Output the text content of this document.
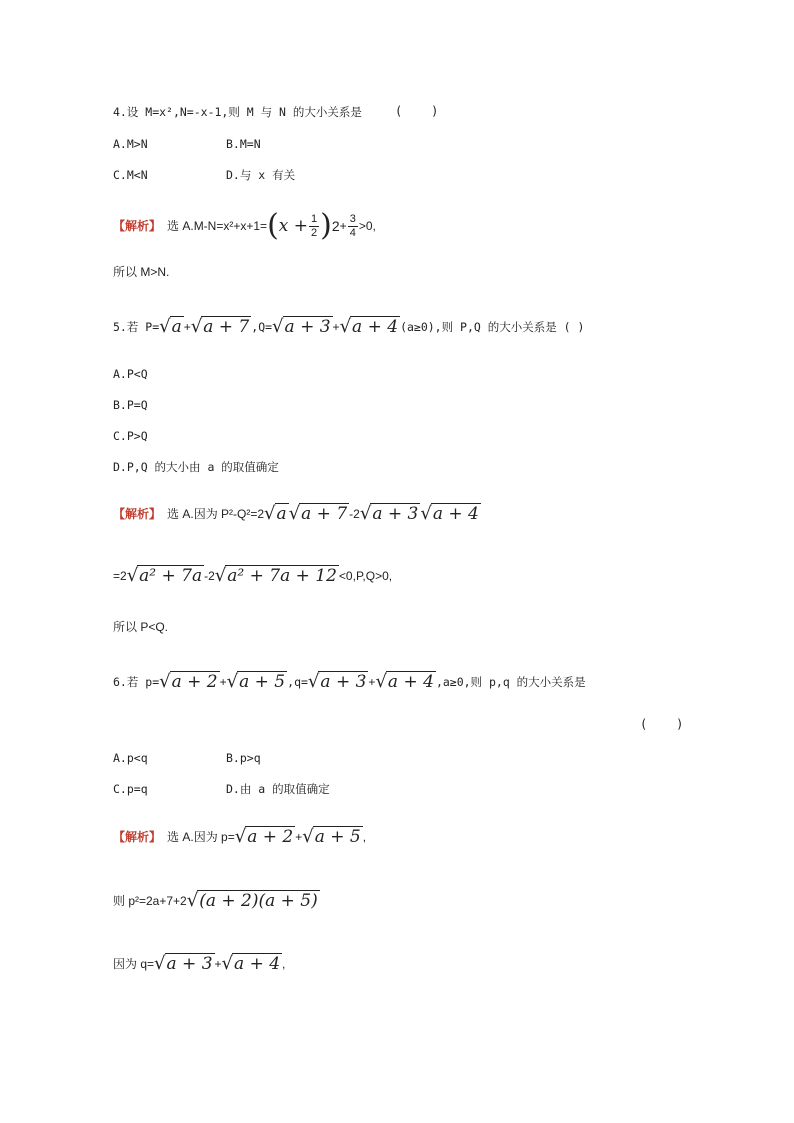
4.设 M=x²,N=-x-1,则 M 与 N 的大小关系是	(    )
A.M>N	B.M=N
C.M<N	D.与 x 有关
【解析】 选 A.M-N=x²+x+1= ( $x + \frac{1}{2}$ ) $2 + \frac{3}{4} >0$,
所以 M>N.
5.若 P= √ a + √ a + 7 ,Q= √ a + 3 + √ a + 4 (a≥0),则 P,Q 的大小关系是 ( )
A.P<Q
B.P=Q
C.P>Q
D.P,Q 的大小由 a 的取值确定
【解析】 选 A.因为 P²-Q²=2 √ a √ a + 7 -2 √ a + 3 √ a + 4
=2 √ a² + 7a -2 √ a² + 7a + 12 <0,P,Q>0,
所以 P<Q.
6.若 p= √ a + 2 + √ a + 5 ,q= √ a + 3 + √ a + 4 ,a≥0,则 p,q 的大小关系是
(    )
A.p<q	B.p>q
C.p=q	D.由 a 的取值确定
【解析】 选 A.因为 p= √ a + 2 + √ a + 5 ,
则 p²=2a+7+2 √ (a + 2)(a + 5)
因为 q= √ a + 3 + √ a + 4 ,
